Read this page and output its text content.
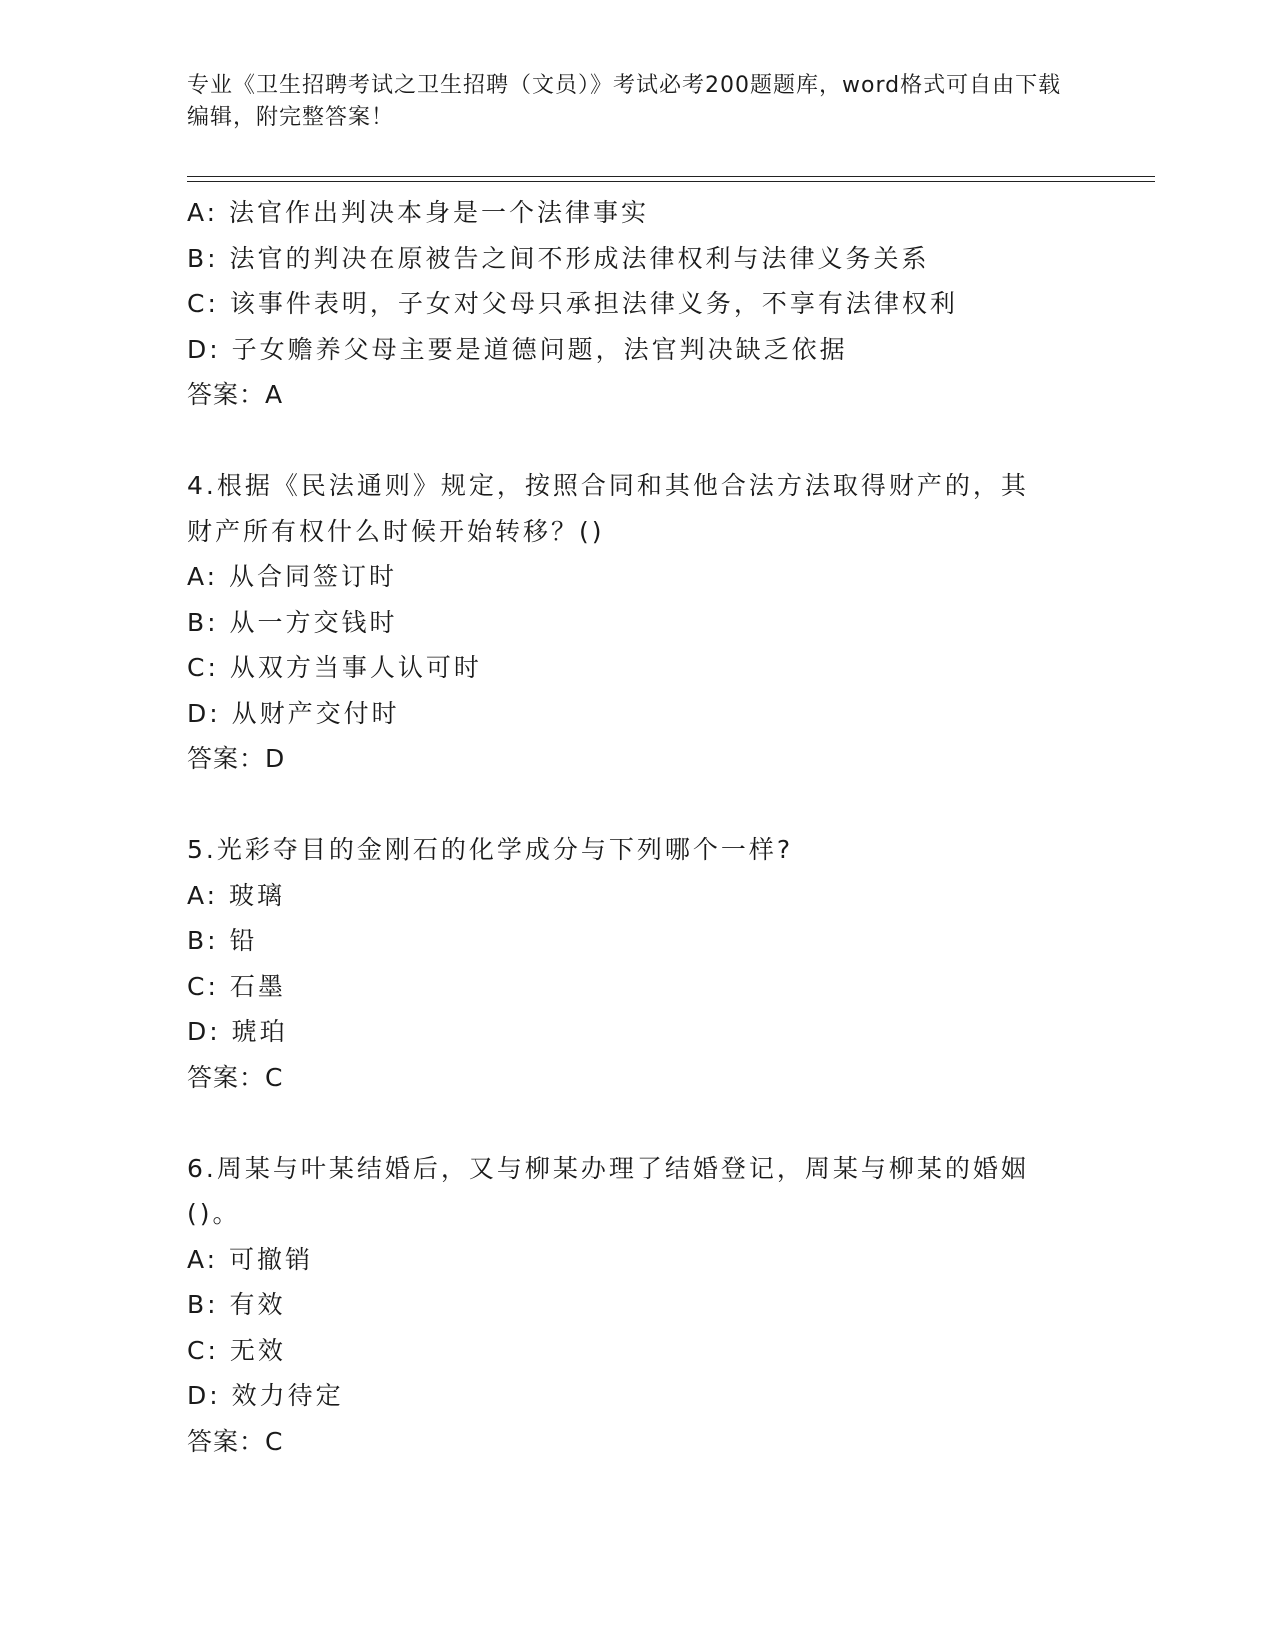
专业《卫生招聘考试之卫生招聘（文员）》考试必考200题题库，word格式可自由下载编辑，附完整答案！
A: 法官作出判决本身是一个法律事实
B: 法官的判决在原被告之间不形成法律权利与法律义务关系
C: 该事件表明，子女对父母只承担法律义务，不享有法律权利
D: 子女赡养父母主要是道德问题，法官判决缺乏依据
答案：A
4.根据《民法通则》规定，按照合同和其他合法方法取得财产的，其
财产所有权什么时候开始转移？()
A: 从合同签订时
B: 从一方交钱时
C: 从双方当事人认可时
D: 从财产交付时
答案：D
5.光彩夺目的金刚石的化学成分与下列哪个一样?
A: 玻璃
B: 铅
C: 石墨
D: 琥珀
答案：C
6.周某与叶某结婚后，又与柳某办理了结婚登记，周某与柳某的婚姻
()。
A: 可撤销
B: 有效
C: 无效
D: 效力待定
答案：C
